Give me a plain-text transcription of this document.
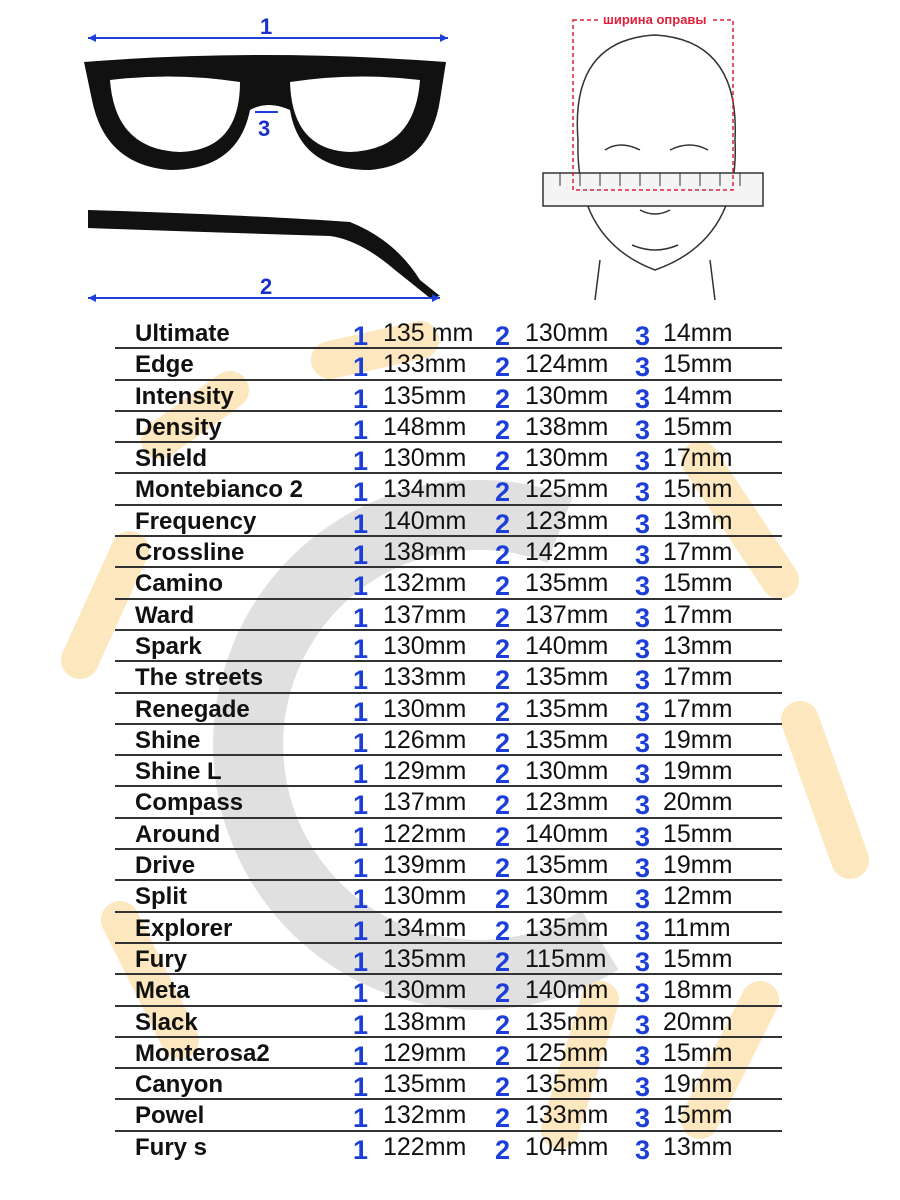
1
3
2
ширина оправы
Ultimate	1 135 mm 2 130mm 3 14mm
Edge	1 133mm 2 124mm 3 15mm
Intensity	1 135mm 2 130mm 3 14mm
Density	1 148mm 2 138mm 3 15mm
Shield	1 130mm 2 130mm 3 17mm
Montebianco 2 1 134mm 2 125mm 3 15mm
Frequency	1 140mm 2 123mm 3 13mm
Crossline	1 138mm 2 142mm 3 17mm
Camino	1 132mm 2 135mm 3 15mm
Ward	1 137mm 2 137mm 3 17mm
Spark	1 130mm 2 140mm 3 13mm
The streets	1 133mm 2 135mm 3 17mm
Renegade	1 130mm 2 135mm 3 17mm
Shine	1 126mm 2 135mm 3 19mm
Shine L	1 129mm 2 130mm 3 19mm
Compass	1 137mm 2 123mm 3 20mm
Around	1 122mm 2 140mm 3 15mm
Drive	1 139mm 2 135mm 3 19mm
Split	1 130mm 2 130mm 3 12mm
Explorer	1 134mm 2 135mm 3 11mm
Fury	1 135mm 2 115mm 3 15mm
Meta	1 130mm 2 140mm 3 18mm
Slack	1 138mm 2 135mm 3 20mm
Monterosa2	1 129mm 2 125mm 3 15mm
Canyon	1 135mm 2 135mm 3 19mm
Powel	1 132mm 2 133mm 3 15mm
Fury s	1 122mm 2 104mm 3 13mm
